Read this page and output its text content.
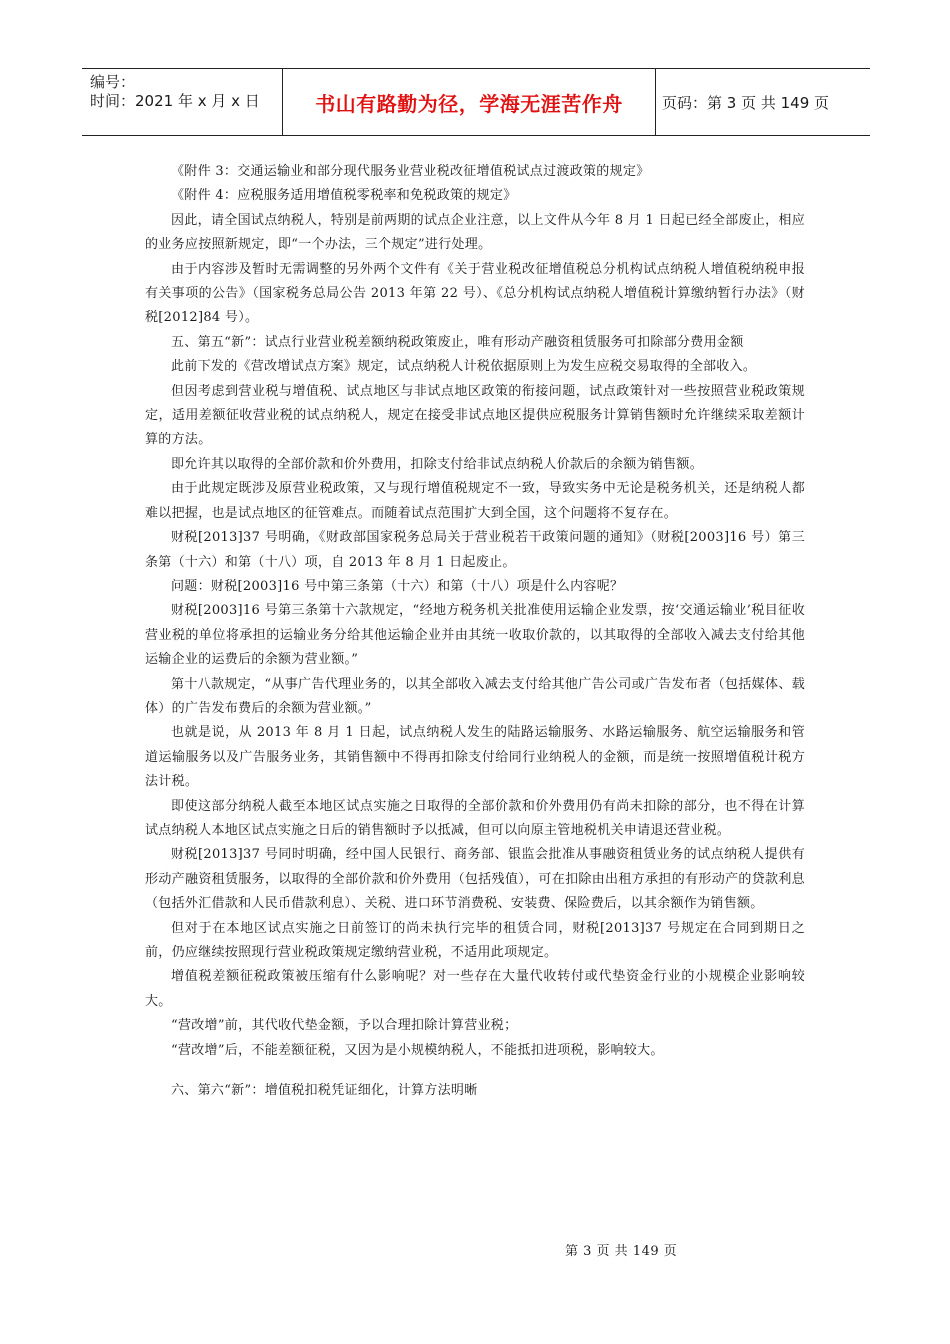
编号：
时间：2021 年 x 月 x 日	书山有路勤为径，学海无涯苦作舟	页码：第 3 页 共 149 页

《附件 3：交通运输业和部分现代服务业营业税改征增值税试点过渡政策的规定》

《附件 4：应税服务适用增值税零税率和免税政策的规定》

因此，请全国试点纳税人，特别是前两期的试点企业注意，以上文件从今年 8 月 1 日起已经全部废止，相应的业务应按照新规定，即“一个办法，三个规定”进行处理。

由于内容涉及暂时无需调整的另外两个文件有《关于营业税改征增值税总分机构试点纳税人增值税纳税申报有关事项的公告》（国家税务总局公告 2013 年第 22 号）、《总分机构试点纳税人增值税计算缴纳暂行办法》（财税[2012]84 号）。

五、第五“新”：试点行业营业税差额纳税政策废止，唯有形动产融资租赁服务可扣除部分费用金额

此前下发的《营改增试点方案》规定，试点纳税人计税依据原则上为发生应税交易取得的全部收入。

但因考虑到营业税与增值税、试点地区与非试点地区政策的衔接问题，试点政策针对一些按照营业税政策规定，适用差额征收营业税的试点纳税人，规定在接受非试点地区提供应税服务计算销售额时允许继续采取差额计算的方法。

即允许其以取得的全部价款和价外费用，扣除支付给非试点纳税人价款后的余额为销售额。

由于此规定既涉及原营业税政策，又与现行增值税规定不一致，导致实务中无论是税务机关，还是纳税人都难以把握，也是试点地区的征管难点。而随着试点范围扩大到全国，这个问题将不复存在。

财税[2013]37 号明确，《财政部国家税务总局关于营业税若干政策问题的通知》（财税[2003]16 号）第三条第（十六）和第（十八）项，自 2013 年 8 月 1 日起废止。

问题：财税[2003]16 号中第三条第（十六）和第（十八）项是什么内容呢？

财税[2003]16 号第三条第十六款规定，“经地方税务机关批准使用运输企业发票，按‘交通运输业’税目征收营业税的单位将承担的运输业务分给其他运输企业并由其统一收取价款的，以其取得的全部收入减去支付给其他运输企业的运费后的余额为营业额。”

第十八款规定，“从事广告代理业务的，以其全部收入减去支付给其他广告公司或广告发布者（包括媒体、载体）的广告发布费后的余额为营业额。”

也就是说，从 2013 年 8 月 1 日起，试点纳税人发生的陆路运输服务、水路运输服务、航空运输服务和管道运输服务以及广告服务业务，其销售额中不得再扣除支付给同行业纳税人的金额，而是统一按照增值税计税方法计税。

即使这部分纳税人截至本地区试点实施之日取得的全部价款和价外费用仍有尚未扣除的部分，也不得在计算试点纳税人本地区试点实施之日后的销售额时予以抵减，但可以向原主管地税机关申请退还营业税。

财税[2013]37 号同时明确，经中国人民银行、商务部、银监会批准从事融资租赁业务的试点纳税人提供有形动产融资租赁服务，以取得的全部价款和价外费用（包括残值），可在扣除由出租方承担的有形动产的贷款利息（包括外汇借款和人民币借款利息）、关税、进口环节消费税、安装费、保险费后，以其余额作为销售额。

但对于在本地区试点实施之日前签订的尚未执行完毕的租赁合同，财税[2013]37 号规定在合同到期日之前，仍应继续按照现行营业税政策规定缴纳营业税，不适用此项规定。

增值税差额征税政策被压缩有什么影响呢？对一些存在大量代收转付或代垫资金行业的小规模企业影响较大。

“营改增”前，其代收代垫金额，予以合理扣除计算营业税；

“营改增”后，不能差额征税，又因为是小规模纳税人，不能抵扣进项税，影响较大。

六、第六“新”：增值税扣税凭证细化，计算方法明晰

第 3 页 共 149 页
